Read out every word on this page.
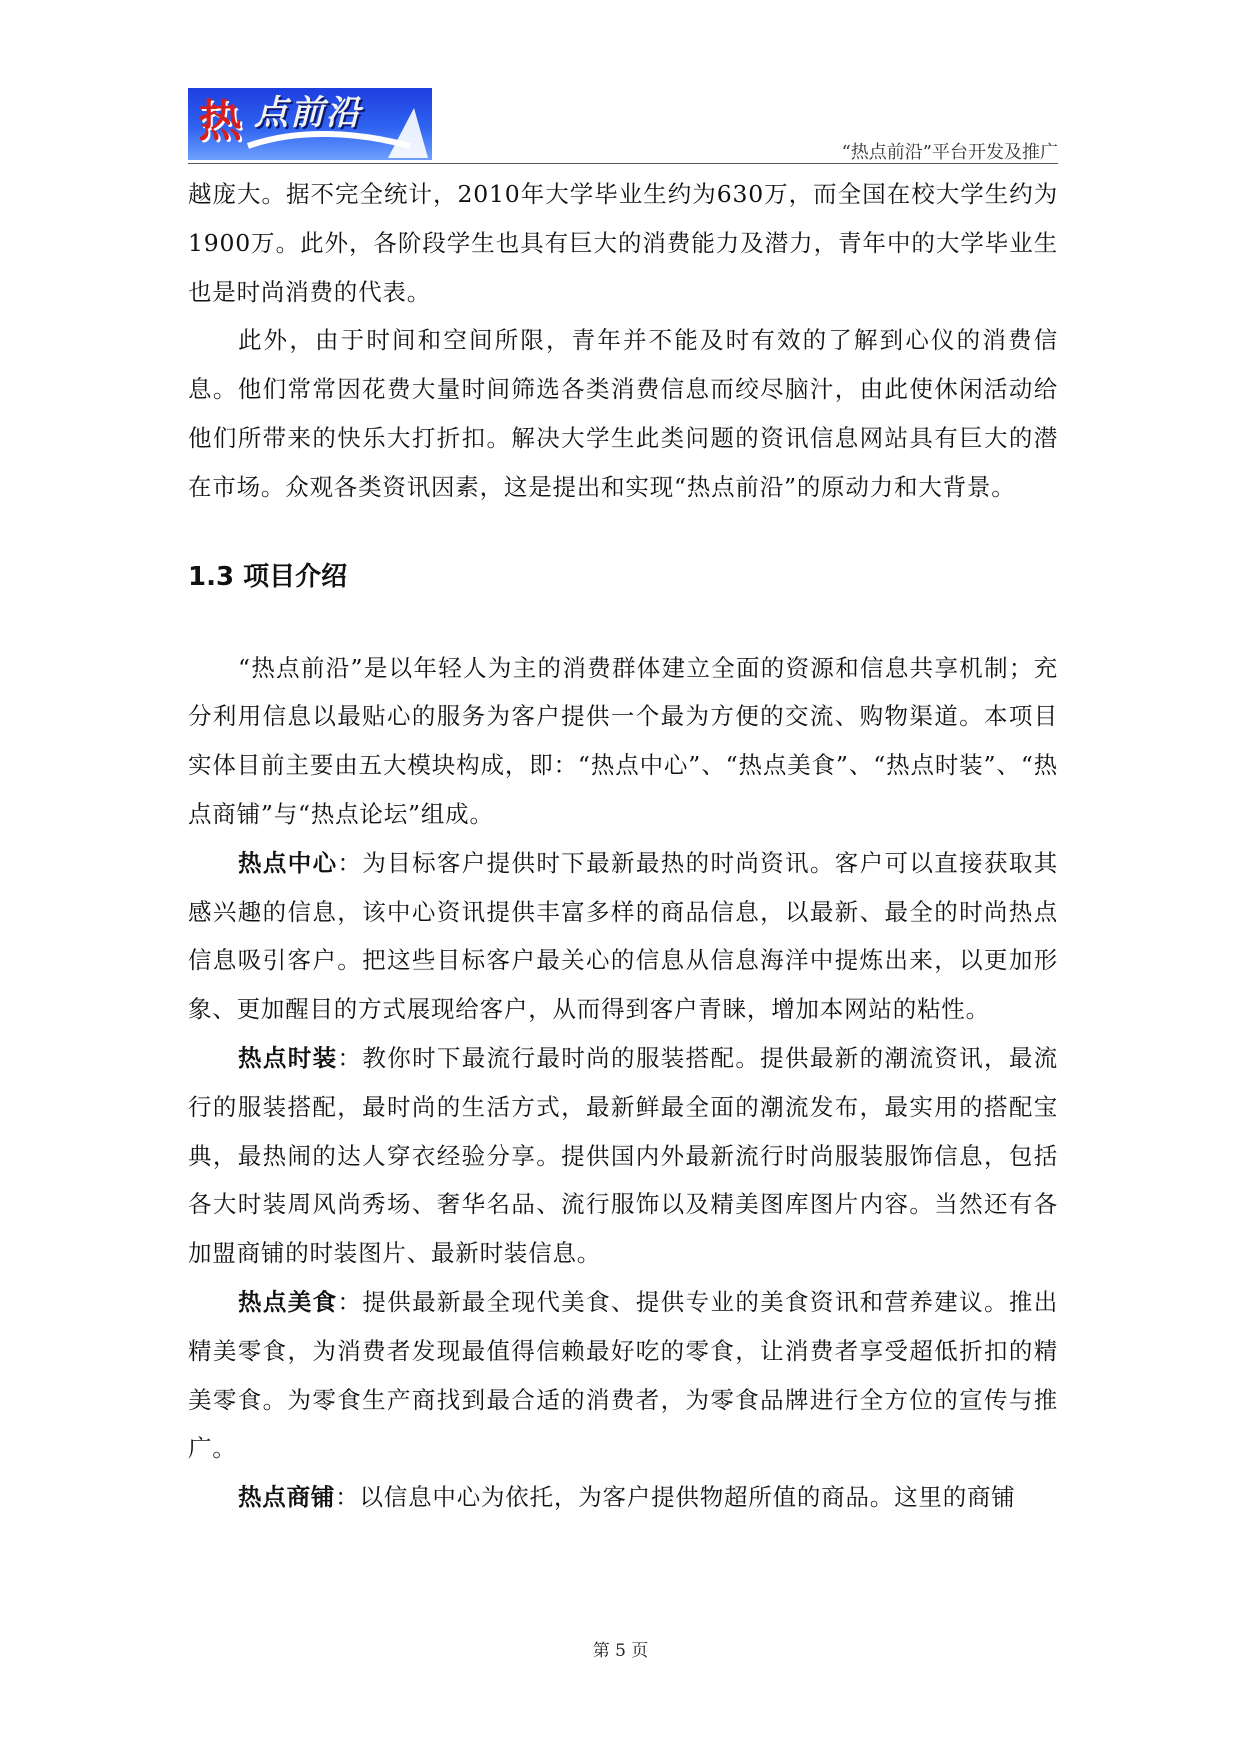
热 点前沿
“热点前沿”平台开发及推广

越庞大。据不完全统计，2010年大学毕业生约为630万，而全国在校大学生约为1900万。此外，各阶段学生也具有巨大的消费能力及潜力，青年中的大学毕业生也是时尚消费的代表。

此外，由于时间和空间所限，青年并不能及时有效的了解到心仪的消费信息。他们常常因花费大量时间筛选各类消费信息而绞尽脑汁，由此使休闲活动给他们所带来的快乐大打折扣。解决大学生此类问题的资讯信息网站具有巨大的潜在市场。众观各类资讯因素，这是提出和实现“热点前沿”的原动力和大背景。

1.3 项目介绍

“热点前沿”是以年轻人为主的消费群体建立全面的资源和信息共享机制；充分利用信息以最贴心的服务为客户提供一个最为方便的交流、购物渠道。本项目实体目前主要由五大模块构成，即：“热点中心”、“热点美食”、“热点时装”、“热点商铺”与“热点论坛”组成。

热点中心：为目标客户提供时下最新最热的时尚资讯。客户可以直接获取其感兴趣的信息，该中心资讯提供丰富多样的商品信息，以最新、最全的时尚热点信息吸引客户。把这些目标客户最关心的信息从信息海洋中提炼出来，以更加形象、更加醒目的方式展现给客户，从而得到客户青睐，增加本网站的粘性。

热点时装：教你时下最流行最时尚的服装搭配。提供最新的潮流资讯，最流行的服装搭配，最时尚的生活方式，最新鲜最全面的潮流发布，最实用的搭配宝典，最热闹的达人穿衣经验分享。提供国内外最新流行时尚服装服饰信息，包括各大时装周风尚秀场、奢华名品、流行服饰以及精美图库图片内容。当然还有各加盟商铺的时装图片、最新时装信息。

热点美食：提供最新最全现代美食、提供专业的美食资讯和营养建议。推出精美零食，为消费者发现最值得信赖最好吃的零食，让消费者享受超低折扣的精美零食。为零食生产商找到最合适的消费者，为零食品牌进行全方位的宣传与推广。

热点商铺：以信息中心为依托，为客户提供物超所值的商品。这里的商铺

第 5 页
